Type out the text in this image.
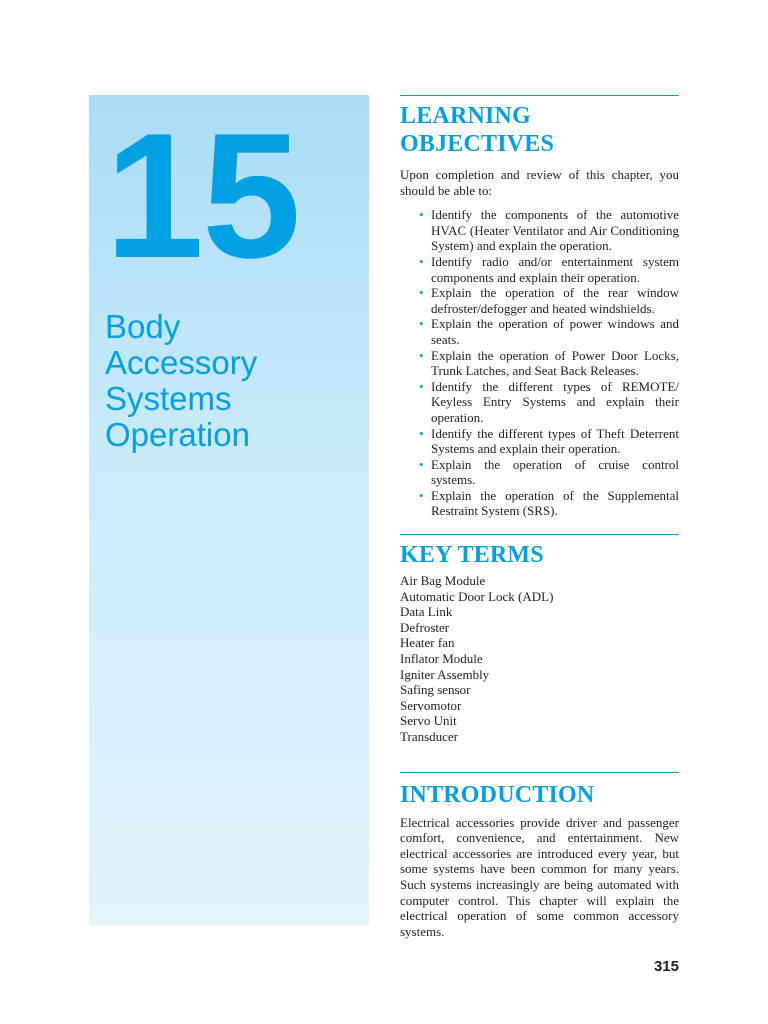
15
Body
Accessory
Systems
Operation
LEARNING
OBJECTIVES

Upon completion and review of this chapter, you should be able to:

• Identify the components of the automotive HVAC (Heater Ventilator and Air Conditioning System) and explain the operation.
• Identify radio and/or entertainment system components and explain their operation.
• Explain the operation of the rear window defroster/defogger and heated windshields.
• Explain the operation of power windows and seats.
• Explain the operation of Power Door Locks, Trunk Latches, and Seat Back Releases.
• Identify the different types of REMOTE/ Keyless Entry Systems and explain their operation.
• Identify the different types of Theft Deterrent Systems and explain their operation.
• Explain the operation of cruise control systems.
• Explain the operation of the Supplemental Restraint System (SRS).
KEY TERMS
Air Bag Module
Automatic Door Lock (ADL)
Data Link
Defroster
Heater fan
Inflator Module
Igniter Assembly
Safing sensor
Servomotor
Servo Unit
Transducer
INTRODUCTION

Electrical accessories provide driver and passenger comfort, convenience, and entertainment. New electrical accessories are introduced every year, but some systems have been common for many years. Such systems increasingly are being automated with computer control. This chapter will explain the electrical operation of some common accessory systems.

315
